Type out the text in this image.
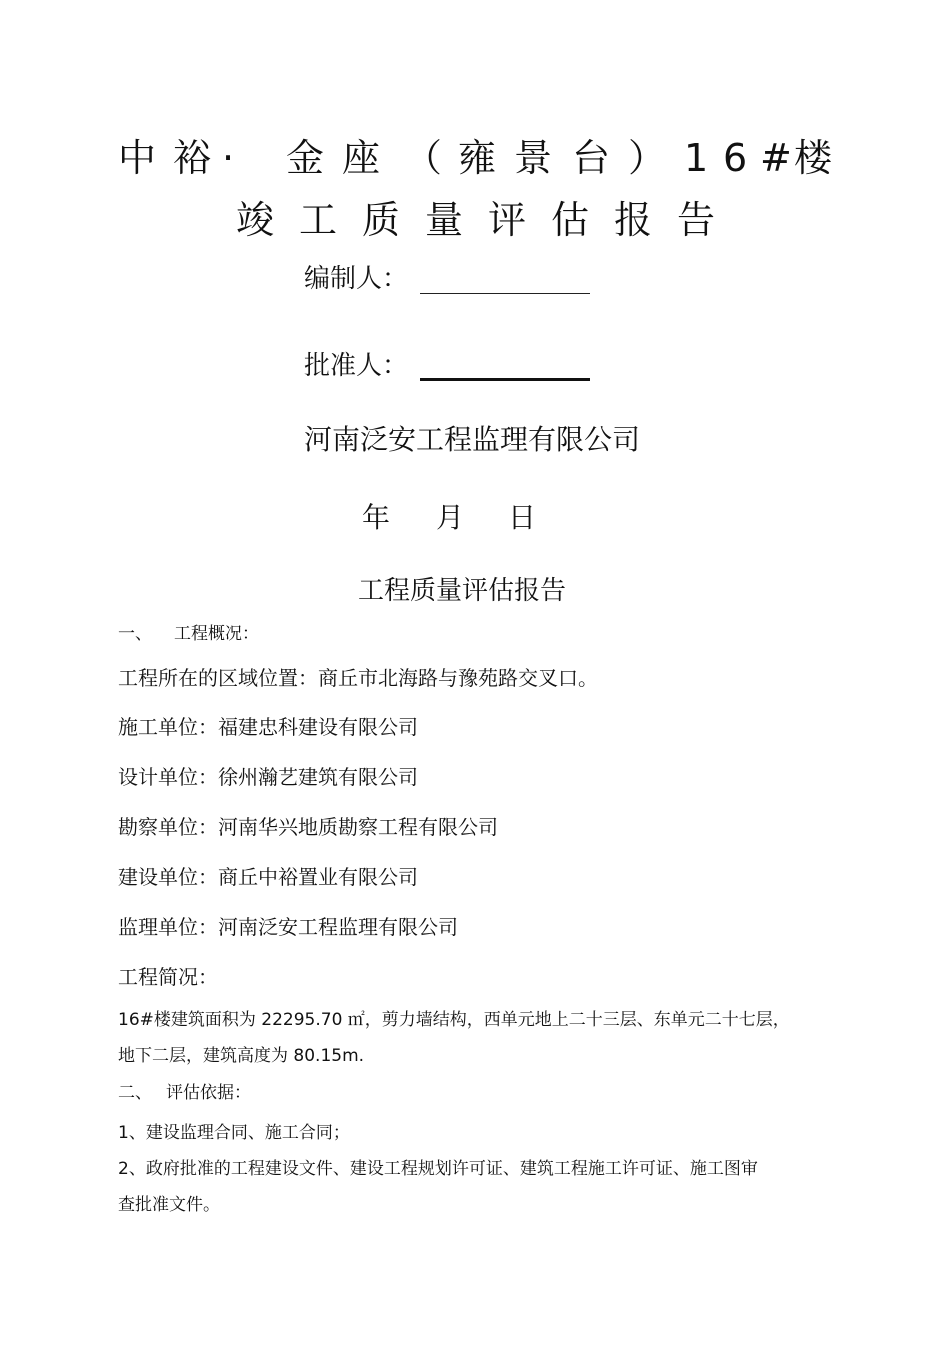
中 裕 · 金 座 （ 雍 景 台 ） 1 6 # 楼
竣 工 质 量 评 估 报 告
编制人：
批准人：
河南泛安工程监理有限公司
年 月 日
工程质量评估报告
一、 工程概况：
工程所在的区域位置：商丘市北海路与豫苑路交叉口。
施工单位：福建忠科建设有限公司
设计单位：徐州瀚艺建筑有限公司
勘察单位：河南华兴地质勘察工程有限公司
建设单位：商丘中裕置业有限公司
监理单位：河南泛安工程监理有限公司
工程简况：
16#楼建筑面积为 22295.70 ㎡，剪力墙结构，西单元地上二十三层、东单元二十七层，
地下二层，建筑高度为 80.15m.
二、 评估依据：
1、建设监理合同、施工合同；
2、政府批准的工程建设文件、建设工程规划许可证、建筑工程施工许可证、施工图审
查批准文件。
